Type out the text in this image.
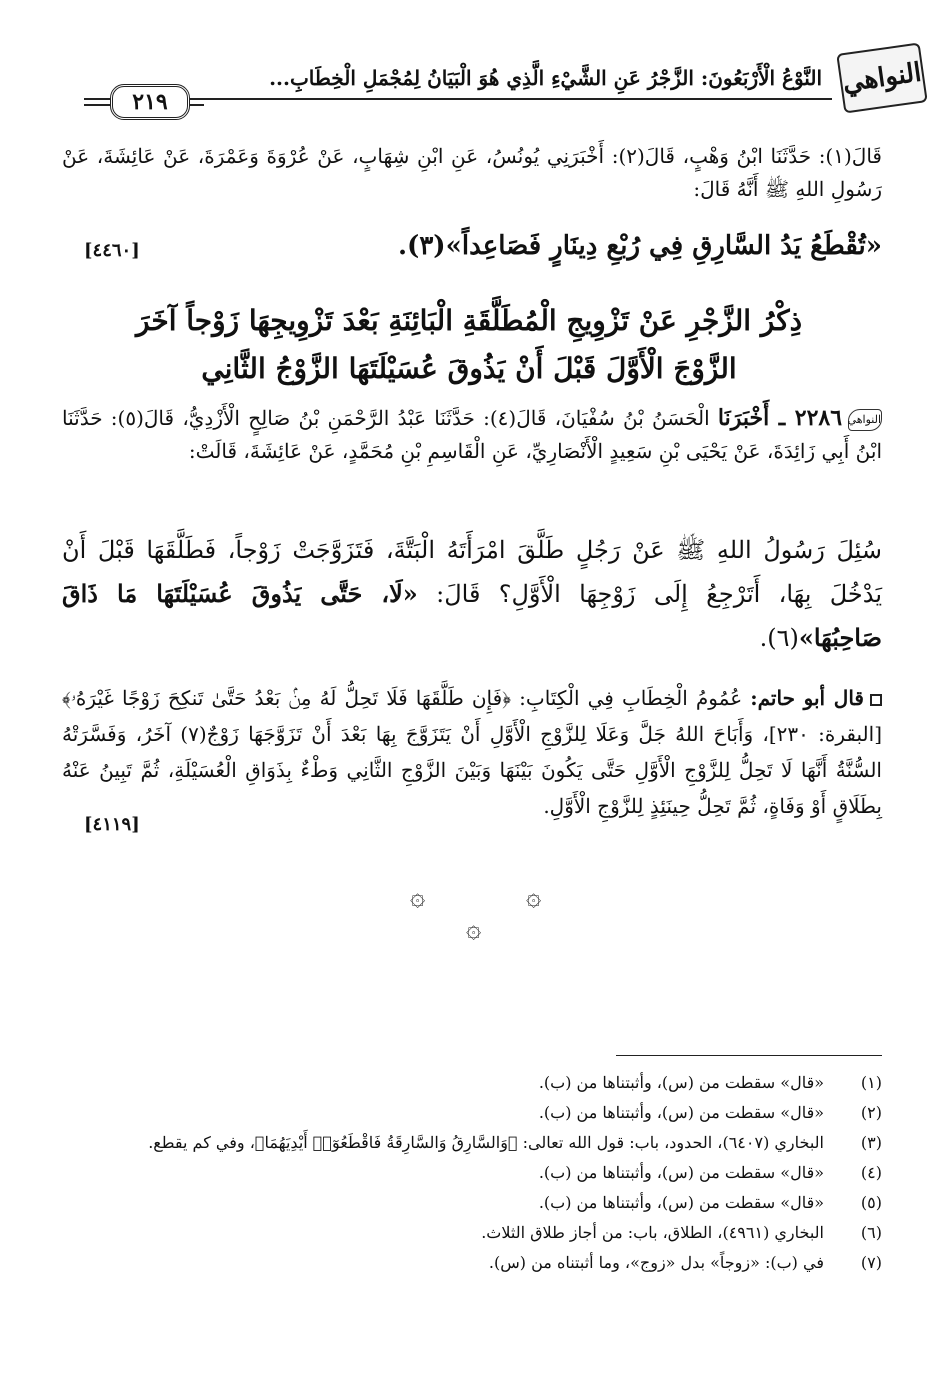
النواهي
النَّوْعُ الْأَرْبَعُونَ: الزَّجْرُ عَنِ الشَّيْءِ الَّذِي هُوَ الْبَيَانُ لِمُجْمَلِ الْخِطَابِ...
٢١٩
قَالَ(١): حَدَّثَنَا ابْنُ وَهْبٍ، قَالَ(٢): أَخْبَرَنِي يُونُسُ، عَنِ ابْنِ شِهَابٍ، عَنْ عُرْوَةَ وَعَمْرَةَ، عَنْ عَائِشَةَ، عَنْ رَسُولِ اللهِ ﷺ أَنَّهُ قَالَ:
«تُقْطَعُ يَدُ السَّارِقِ فِي رُبْعِ دِينَارٍ فَصَاعِداً»(٣).
[٤٤٦٠]
ذِكْرُ الزَّجْرِ عَنْ تَزْوِيجِ الْمُطَلَّقَةِ الْبَائِنَةِ بَعْدَ تَزْوِيجِهَا زَوْجاً آخَرَ
الزَّوْجَ الْأَوَّلَ قَبْلَ أَنْ يَذُوقَ عُسَيْلَتَهَا الزَّوْجُ الثَّانِي
النواهي٢٢٨٦ ـ أَخْبَرَنَا الْحَسَنُ بْنُ سُفْيَانَ، قَالَ(٤): حَدَّثَنَا عَبْدُ الرَّحْمَنِ بْنُ صَالِحٍ الْأَزْدِيُّ، قَالَ(٥): حَدَّثَنَا ابْنُ أَبِي زَائِدَةَ، عَنْ يَحْيَى بْنِ سَعِيدٍ الْأَنْصَارِيِّ، عَنِ الْقَاسِمِ بْنِ مُحَمَّدٍ، عَنْ عَائِشَةَ، قَالَتْ:
سُئِلَ رَسُولُ اللهِ ﷺ عَنْ رَجُلٍ طَلَّقَ امْرَأَتَهُ الْبَتَّةَ، فَتَزَوَّجَتْ زَوْجاً، فَطَلَّقَهَا قَبْلَ أَنْ يَدْخُلَ بِهَا، أَتَرْجِعُ إِلَى زَوْجِهَا الْأَوَّلِ؟ قَالَ: «لَا، حَتَّى يَذُوقَ عُسَيْلَتَهَا مَا ذَاقَ صَاحِبُهَا»(٦).
قال أبو حاتم: عُمُومُ الْخِطَابِ فِي الْكِتَابِ: ﴿فَإِن طَلَّقَهَا فَلَا تَحِلُّ لَهُ مِنۢ بَعْدُ حَتَّىٰ تَنكِحَ زَوْجًا غَيْرَهُۥ﴾ [البقرة: ٢٣٠]، وَأَبَاحَ اللهُ جَلَّ وَعَلَا لِلزَّوْجِ الْأَوَّلِ أَنْ يَتَزَوَّجَ بِهَا بَعْدَ أَنْ تَزَوَّجَهَا زَوْجٌ(٧) آخَرُ، وَفَسَّرَتْهُ السُّنَّةُ أَنَّهَا لَا تَحِلُّ لِلزَّوْجِ الْأَوَّلِ حَتَّى يَكُونَ بَيْنَهَا وَبَيْنَ الزَّوْجِ الثَّانِي وَطْءٌ بِذَوَاقِ الْعُسَيْلَةِ، ثُمَّ تَبِينُ عَنْهُ بِطَلَاقٍ أَوْ وَفَاةٍ، ثُمَّ تَحِلُّ حِينَئِذٍ لِلزَّوْجِ الْأَوَّلِ.
[٤١١٩]
۞	۞
۞
(١)
«قال» سقطت من (س)، وأثبتناها من (ب).
(٢)
«قال» سقطت من (س)، وأثبتناها من (ب).
(٣)
البخاري (٦٤٠٧)، الحدود، باب: قول الله تعالى: ﴿وَالسَّارِقُ وَالسَّارِقَةُ فَاقْطَعُوٓا۟ أَيْدِيَهُمَا﴾، وفي كم يقطع.
(٤)
«قال» سقطت من (س)، وأثبتناها من (ب).
(٥)
«قال» سقطت من (س)، وأثبتناها من (ب).
(٦)
البخاري (٤٩٦١)، الطلاق، باب: من أجاز طلاق الثلاث.
(٧)
في (ب): «زوجاً» بدل «زوج»، وما أثبتناه من (س).
